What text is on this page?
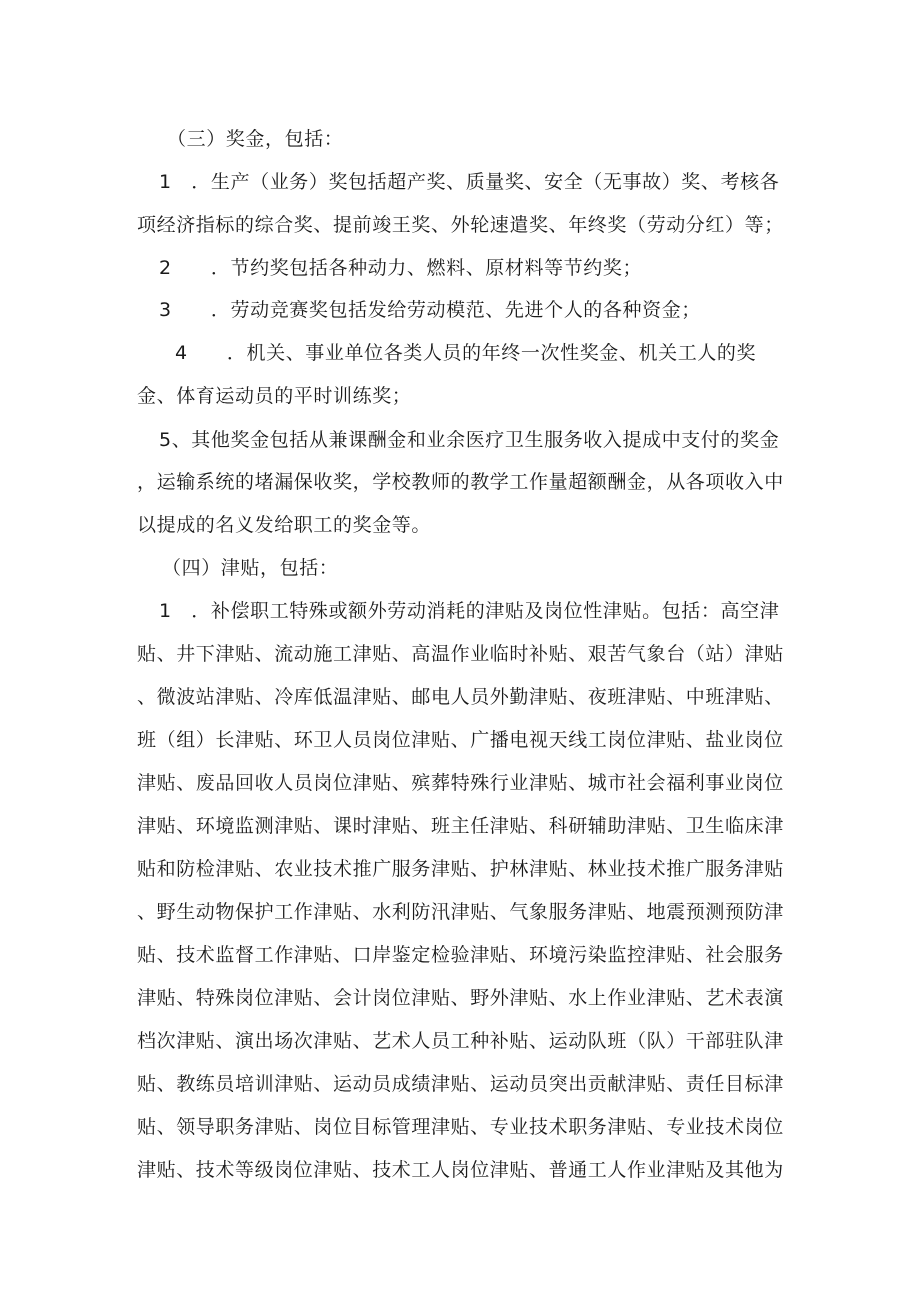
（三）奖金，包括：
1　．生产（业务）奖包括超产奖、质量奖、安全（无事故）奖、考核各
项经济指标的综合奖、提前竣王奖、外轮速遣奖、年终奖（劳动分红）等；
2　　．节约奖包括各种动力、燃料、原材料等节约奖；
3　　．劳动竞赛奖包括发给劳动模范、先进个人的各种资金；
4　　．机关、事业单位各类人员的年终一次性奖金、机关工人的奖
金、体育运动员的平时训练奖；
5、其他奖金包括从兼课酬金和业余医疗卫生服务收入提成中支付的奖金
，运输系统的堵漏保收奖，学校教师的教学工作量超额酬金，从各项收入中
以提成的名义发给职工的奖金等。
（四）津贴，包括：
1　．补偿职工特殊或额外劳动消耗的津贴及岗位性津贴。包括：高空津
贴、井下津贴、流动施工津贴、高温作业临时补贴、艰苦气象台（站）津贴
、微波站津贴、冷库低温津贴、邮电人员外勤津贴、夜班津贴、中班津贴、
班（组）长津贴、环卫人员岗位津贴、广播电视天线工岗位津贴、盐业岗位
津贴、废品回收人员岗位津贴、殡葬特殊行业津贴、城市社会福利事业岗位
津贴、环境监测津贴、课时津贴、班主任津贴、科研辅助津贴、卫生临床津
贴和防检津贴、农业技术推广服务津贴、护林津贴、林业技术推广服务津贴
、野生动物保护工作津贴、水利防汛津贴、气象服务津贴、地震预测预防津
贴、技术监督工作津贴、口岸鉴定检验津贴、环境污染监控津贴、社会服务
津贴、特殊岗位津贴、会计岗位津贴、野外津贴、水上作业津贴、艺术表演
档次津贴、演出场次津贴、艺术人员工种补贴、运动队班（队）干部驻队津
贴、教练员培训津贴、运动员成绩津贴、运动员突出贡献津贴、责任目标津
贴、领导职务津贴、岗位目标管理津贴、专业技术职务津贴、专业技术岗位
津贴、技术等级岗位津贴、技术工人岗位津贴、普通工人作业津贴及其他为
